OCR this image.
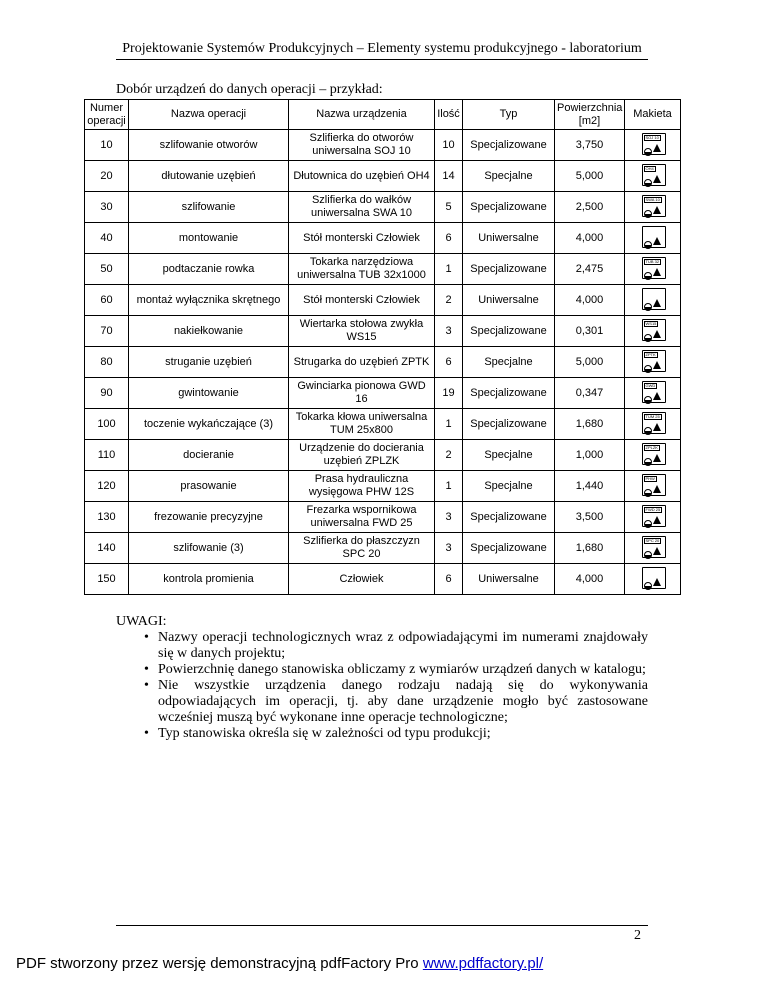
Projektowanie Systemów Produkcyjnych – Elementy systemu produkcyjnego - laboratorium
Dobór urządzeń do danych operacji – przykład:
Numer operacji	Nazwa operacji	Nazwa urządzenia	Ilość	Typ	Powierzchnia [m2]	Makieta
10	szlifowanie otworów	Szlifierka do otworów uniwersalna SOJ 10	10	Specjalizowane	3,750	SOJ 10

20	dłutowanie uzębień	Dłutownica do uzębień OH4	14	Specjalne	5,000	OH4

30	szlifowanie	Szlifierka do wałków uniwersalna SWA 10	5	Specjalizowane	2,500	SWA 10

40	montowanie	Stół monterski Człowiek	6	Uniwersalne	4,000	

50	podtaczanie rowka	Tokarka narzędziowa uniwersalna TUB 32x1000	1	Specjalizowane	2,475	TUB 32

60	montaż wyłącznika skrętnego	Stół monterski Człowiek	2	Uniwersalne	4,000	

70	nakiełkowanie	Wiertarka stołowa zwykła WS15	3	Specjalizowane	0,301	WS15

80	struganie uzębień	Strugarka do uzębień ZPTK	6	Specjalne	5,000	ZPTK

90	gwintowanie	Gwinciarka pionowa GWD 16	19	Specjalizowane	0,347	GWD

100	toczenie wykańczające (3)	Tokarka kłowa uniwersalna TUM 25x800	1	Specjalizowane	1,680	TUM 25

110	docieranie	Urządzenie do docierania uzębień ZPLZK	2	Specjalne	1,000	ZPLZK

120	prasowanie	Prasa hydrauliczna wysięgowa PHW 12S	1	Specjalne	1,440	PHW

130	frezowanie precyzyjne	Frezarka wspornikowa uniwersalna FWD 25	3	Specjalizowane	3,500	FWD 25

140	szlifowanie (3)	Szlifierka do płaszczyzn SPC 20	3	Specjalizowane	1,680	SPC 20

150	kontrola promienia	Człowiek	6	Uniwersalne	4,000	
UWAGI:
• Nazwy operacji technologicznych wraz z odpowiadającymi im numerami znajdowały się w danych projektu;
• Powierzchnię danego stanowiska obliczamy z wymiarów urządzeń danych w katalogu;
• Nie wszystkie urządzenia danego rodzaju nadają się do wykonywania odpowiadających im operacji, tj. aby dane urządzenie mogło być zastosowane wcześniej muszą być wykonane inne operacje technologiczne;
• Typ stanowiska określa się w zależności od typu produkcji;
2
PDF stworzony przez wersję demonstracyjną pdfFactory Pro www.pdffactory.pl/
